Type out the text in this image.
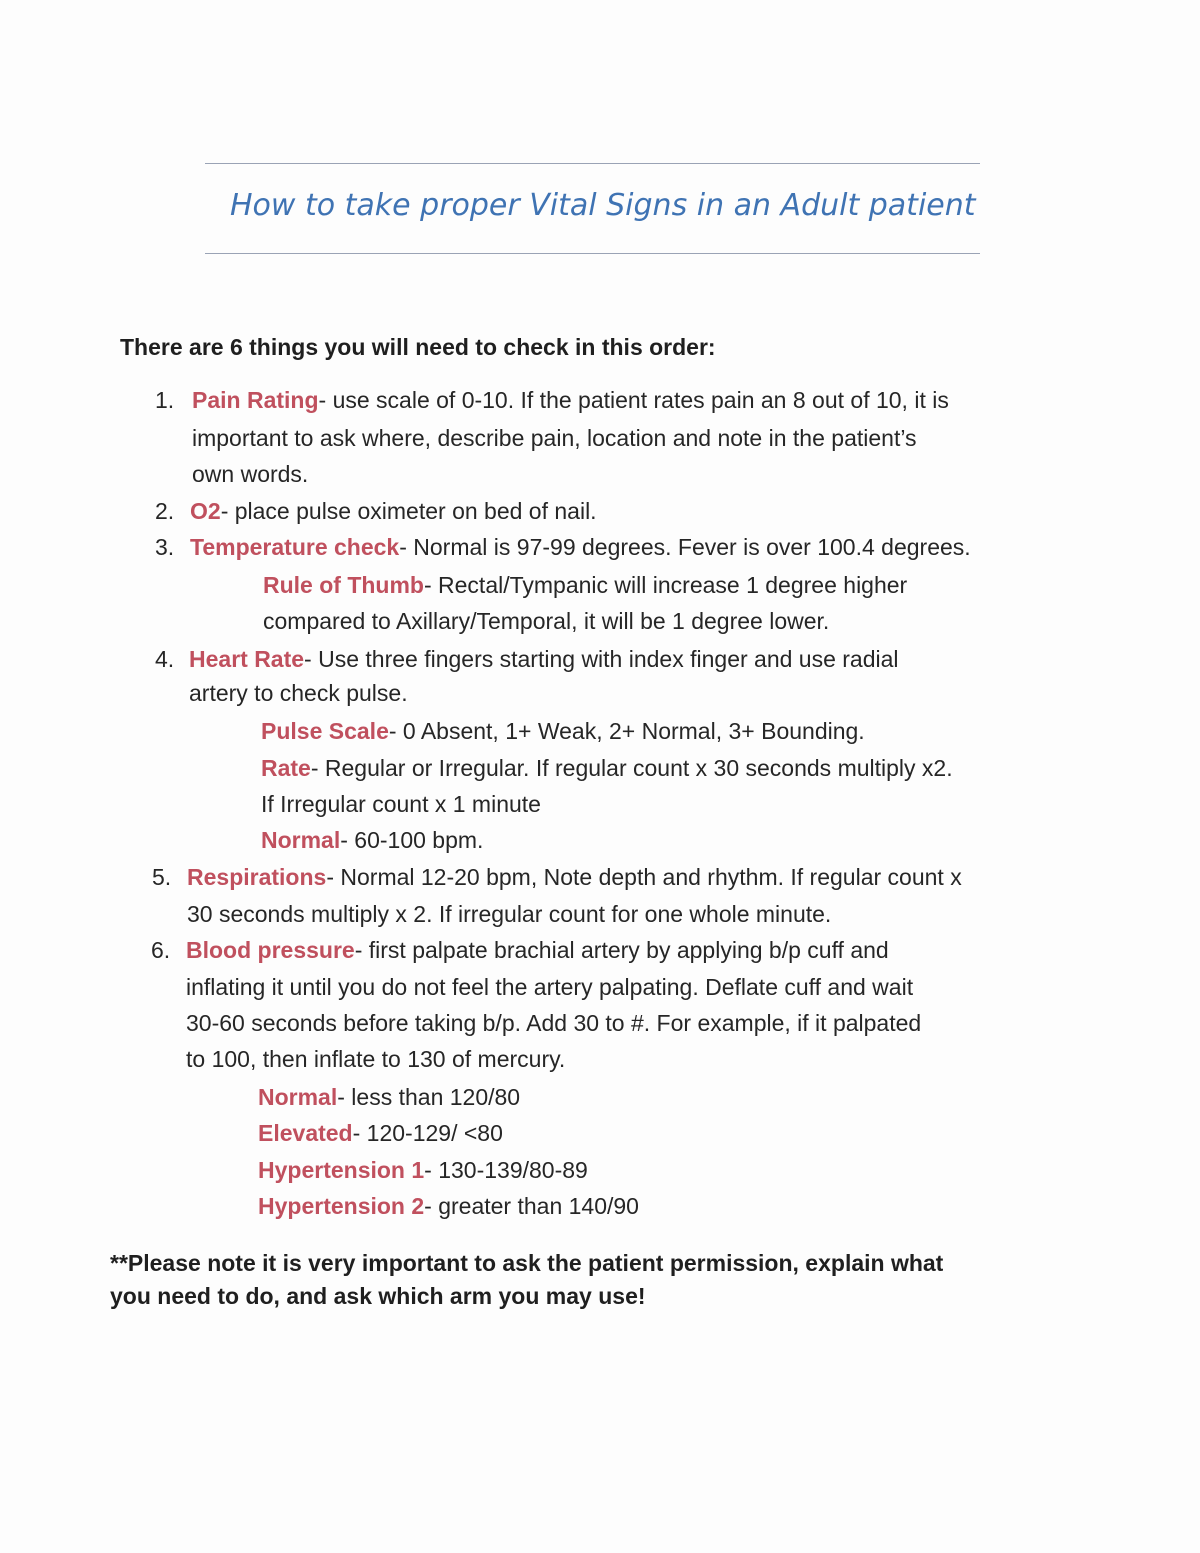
How to take proper Vital Signs in an Adult patient
There are 6 things you will need to check in this order:
1. Pain Rating- use scale of 0-10. If the patient rates pain an 8 out of 10, it is
important to ask where, describe pain, location and note in the patient’s
own words.
2. O2- place pulse oximeter on bed of nail.
3. Temperature check- Normal is 97-99 degrees. Fever is over 100.4 degrees.
Rule of Thumb- Rectal/Tympanic will increase 1 degree higher
compared to Axillary/Temporal, it will be 1 degree lower.
4. Heart Rate- Use three fingers starting with index finger and use radial
artery to check pulse.
Pulse Scale- 0 Absent, 1+ Weak, 2+ Normal, 3+ Bounding.
Rate- Regular or Irregular. If regular count x 30 seconds multiply x2.
If Irregular count x 1 minute
Normal- 60-100 bpm.
5. Respirations- Normal 12-20 bpm, Note depth and rhythm. If regular count x
30 seconds multiply x 2. If irregular count for one whole minute.
6. Blood pressure- first palpate brachial artery by applying b/p cuff and
inflating it until you do not feel the artery palpating. Deflate cuff and wait
30-60 seconds before taking b/p. Add 30 to #. For example, if it palpated
to 100, then inflate to 130 of mercury.
Normal- less than 120/80
Elevated- 120-129/ <80
Hypertension 1- 130-139/80-89
Hypertension 2- greater than 140/90
**Please note it is very important to ask the patient permission, explain what
you need to do, and ask which arm you may use!
